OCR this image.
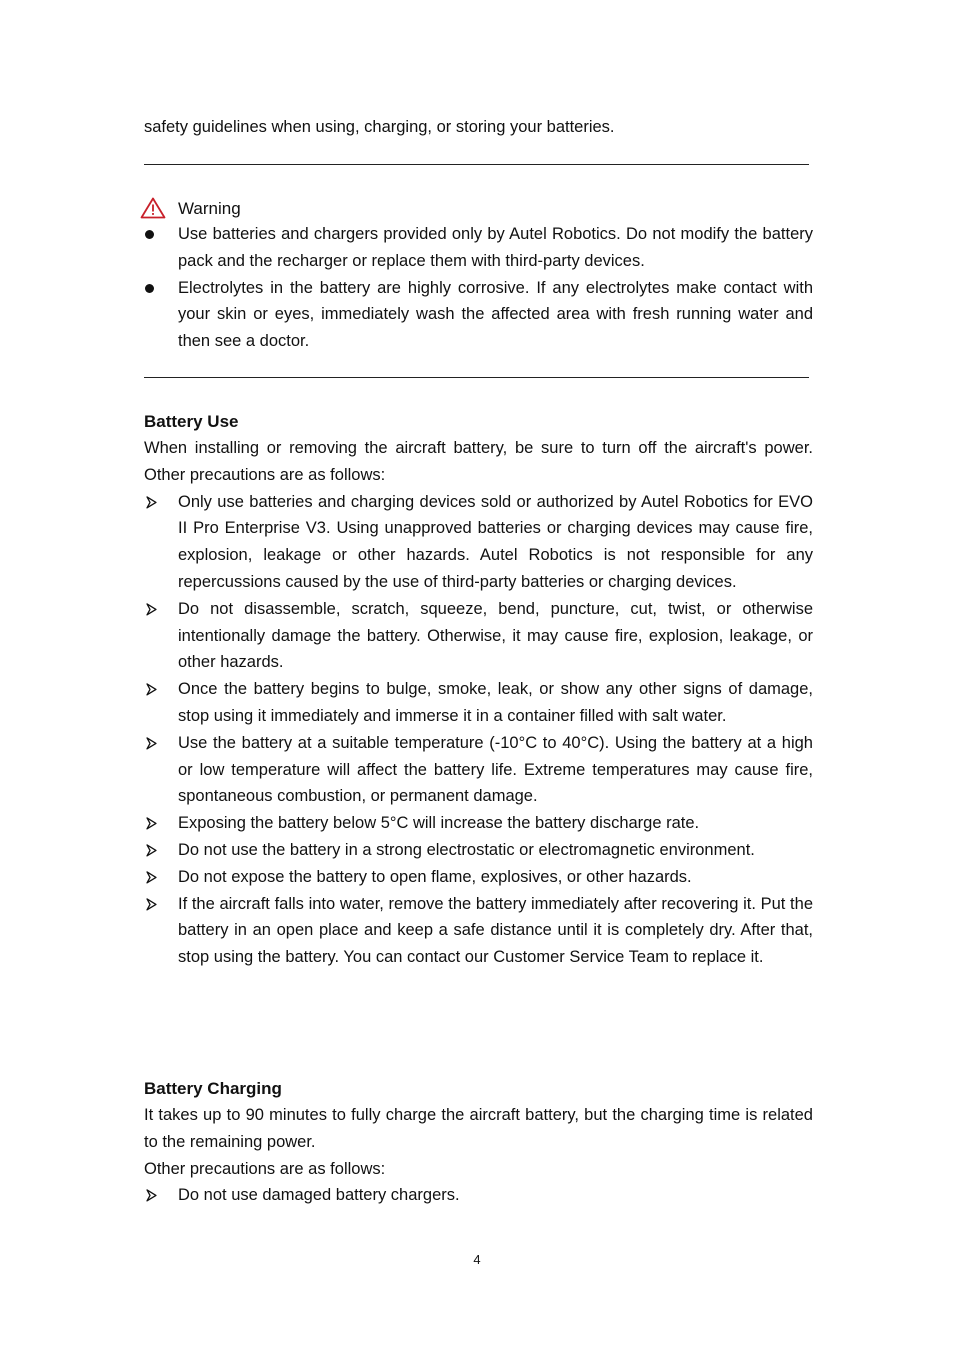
safety guidelines when using, charging, or storing your batteries.

Warning

Use batteries and chargers provided only by Autel Robotics. Do not modify the battery pack and the recharger or replace them with third-party devices.

Electrolytes in the battery are highly corrosive. If any electrolytes make contact with your skin or eyes, immediately wash the affected area with fresh running water and then see a doctor.

Battery Use

When installing or removing the aircraft battery, be sure to turn off the aircraft's power. Other precautions are as follows:

Only use batteries and charging devices sold or authorized by Autel Robotics for EVO II Pro Enterprise V3. Using unapproved batteries or charging devices may cause fire, explosion, leakage or other hazards. Autel Robotics is not responsible for any repercussions caused by the use of third-party batteries or charging devices.

Do not disassemble, scratch, squeeze, bend, puncture, cut, twist, or otherwise intentionally damage the battery. Otherwise, it may cause fire, explosion, leakage, or other hazards.

Once the battery begins to bulge, smoke, leak, or show any other signs of damage, stop using it immediately and immerse it in a container filled with salt water.

Use the battery at a suitable temperature (-10°C to 40°C). Using the battery at a high or low temperature will affect the battery life. Extreme temperatures may cause fire, spontaneous combustion, or permanent damage.

Exposing the battery below 5°C will increase the battery discharge rate.

Do not use the battery in a strong electrostatic or electromagnetic environment.

Do not expose the battery to open flame, explosives, or other hazards.

If the aircraft falls into water, remove the battery immediately after recovering it. Put the battery in an open place and keep a safe distance until it is completely dry. After that, stop using the battery. You can contact our Customer Service Team to replace it.

Battery Charging

It takes up to 90 minutes to fully charge the aircraft battery, but the charging time is related to the remaining power.

Other precautions are as follows:

Do not use damaged battery chargers.

4
